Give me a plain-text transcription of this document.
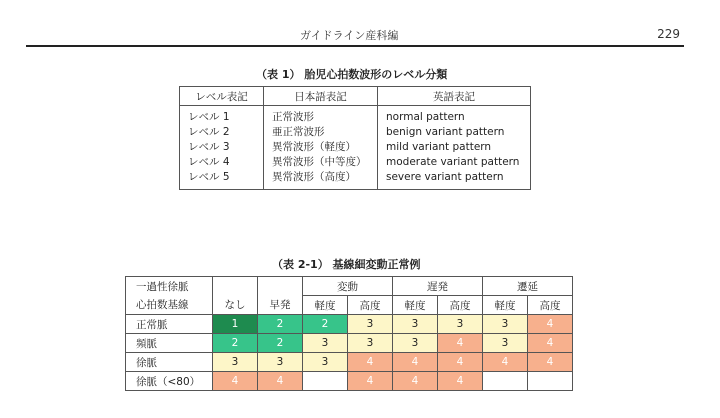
ガイドライン産科編	229
（表 1） 胎児心拍数波形のレベル分類
レベル表記	日本語表記	英語表記
レベル 1	正常波形	normal pattern
レベル 2	亜正常波形	benign variant pattern
レベル 3	異常波形（軽度）	mild variant pattern
レベル 4	異常波形（中等度）	moderate variant pattern
レベル 5	異常波形（高度）	severe variant pattern
（表 2-1） 基線細変動正常例
一過性徐脈			変動		遅発		遷延	
心拍数基線	なし	早発	軽度	高度	軽度	高度	軽度	高度
正常脈	1	2	2	3	3	3	3	4
頻脈	2	2	3	3	3	4	3	4
徐脈	3	3	3	4	4	4	4	4
徐脈（<80）	4	4		4	4	4		
